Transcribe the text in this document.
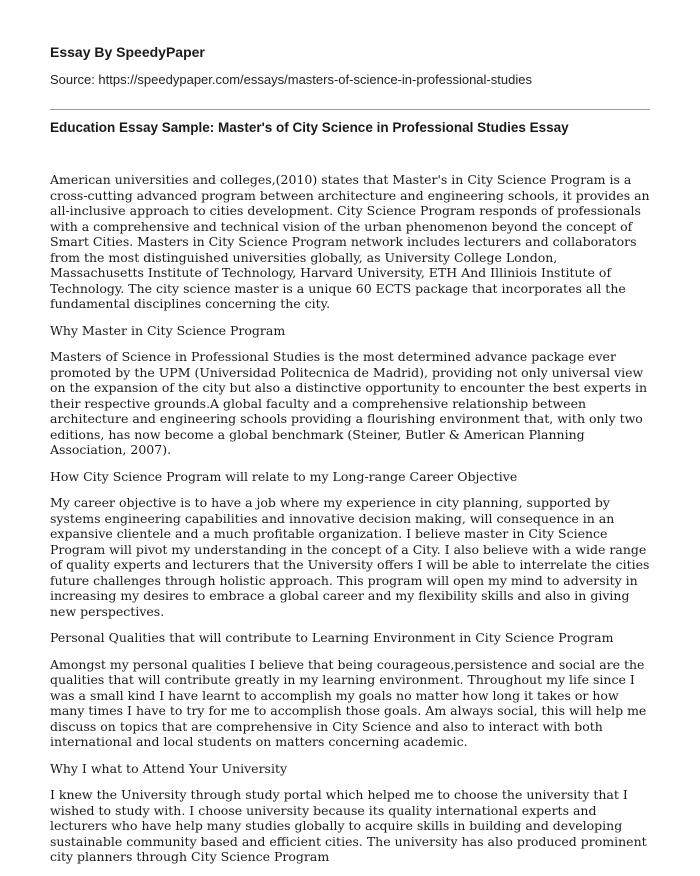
Essay By SpeedyPaper
Source: https://speedypaper.com/essays/masters-of-science-in-professional-studies
Education Essay Sample: Master's of City Science in Professional Studies Essay

American universities and colleges,(2010) states that Master's in City Science Program is a cross-cutting advanced program between architecture and engineering schools, it provides an all-inclusive approach to cities development. City Science Program responds of professionals with a comprehensive and technical vision of the urban phenomenon beyond the concept of Smart Cities. Masters in City Science Program network includes lecturers and collaborators from the most distinguished universities globally, as University College London, Massachusetts Institute of Technology, Harvard University, ETH And Illiniois Institute of Technology. The city science master is a unique 60 ECTS package that incorporates all the fundamental disciplines concerning the city.

Why Master in City Science Program

Masters of Science in Professional Studies is the most determined advance package ever promoted by the UPM (Universidad Politecnica de Madrid), providing not only universal view on the expansion of the city but also a distinctive opportunity to encounter the best experts in their respective grounds.A global faculty and a comprehensive relationship between architecture and engineering schools providing a flourishing environment that, with only two editions, has now become a global benchmark (Steiner, Butler & American Planning Association, 2007).

How City Science Program will relate to my Long-range Career Objective

My career objective is to have a job where my experience in city planning, supported by systems engineering capabilities and innovative decision making, will consequence in an expansive clientele and a much profitable organization. I believe master in City Science Program will pivot my understanding in the concept of a City. I also believe with a wide range of quality experts and lecturers that the University offers I will be able to interrelate the cities future challenges through holistic approach. This program will open my mind to adversity in increasing my desires to embrace a global career and my flexibility skills and also in giving new perspectives.

Personal Qualities that will contribute to Learning Environment in City Science Program

Amongst my personal qualities I believe that being courageous,persistence and social are the qualities that will contribute greatly in my learning environment. Throughout my life since I was a small kind I have learnt to accomplish my goals no matter how long it takes or how many times I have to try for me to accomplish those goals. Am always social, this will help me discuss on topics that are comprehensive in City Science and also to interact with both international and local students on matters concerning academic.

Why I what to Attend Your University

I knew the University through study portal which helped me to choose the university that I wished to study with. I choose university because its quality international experts and lecturers who have help many studies globally to acquire skills in building and developing sustainable community based and efficient cities. The university has also produced prominent city planners through City Science Program
